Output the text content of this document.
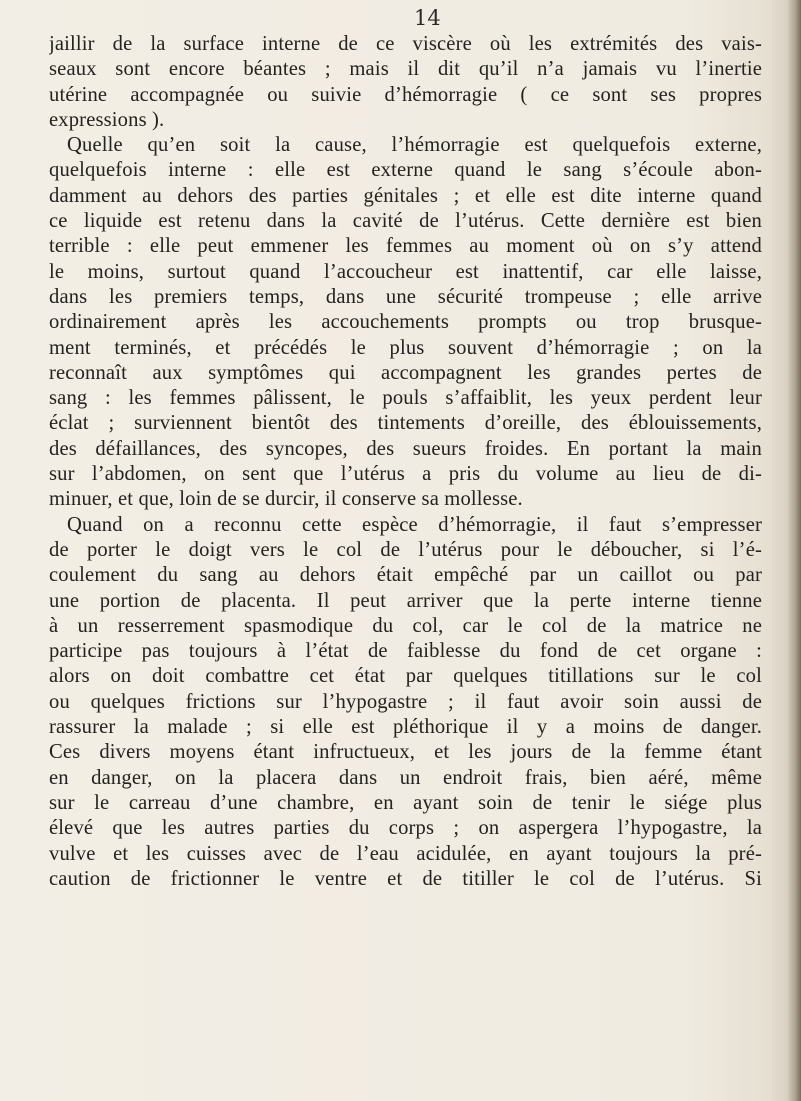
14

jaillir de la surface interne de ce viscère où les extrémités des vais-
seaux sont encore béantes ; mais il dit qu’il n’a jamais vu l’inertie
utérine accompagnée ou suivie d’hémorragie ( ce sont ses propres
expressions ).
Quelle qu’en soit la cause, l’hémorragie est quelquefois externe,
quelquefois interne : elle est externe quand le sang s’écoule abon-
damment au dehors des parties génitales ; et elle est dite interne quand
ce liquide est retenu dans la cavité de l’utérus. Cette dernière est bien
terrible : elle peut emmener les femmes au moment où on s’y attend
le moins, surtout quand l’accoucheur est inattentif, car elle laisse,
dans les premiers temps, dans une sécurité trompeuse ; elle arrive
ordinairement après les accouchements prompts ou trop brusque-
ment terminés, et précédés le plus souvent d’hémorragie ; on la
reconnaît aux symptômes qui accompagnent les grandes pertes de
sang : les femmes pâlissent, le pouls s’affaiblit, les yeux perdent leur
éclat ; surviennent bientôt des tintements d’oreille, des éblouissements,
des défaillances, des syncopes, des sueurs froides. En portant la main
sur l’abdomen, on sent que l’utérus a pris du volume au lieu de di-
minuer, et que, loin de se durcir, il conserve sa mollesse.
Quand on a reconnu cette espèce d’hémorragie, il faut s’empresser
de porter le doigt vers le col de l’utérus pour le déboucher, si l’é-
coulement du sang au dehors était empêché par un caillot ou par
une portion de placenta. Il peut arriver que la perte interne tienne
à un resserrement spasmodique du col, car le col de la matrice ne
participe pas toujours à l’état de faiblesse du fond de cet organe :
alors on doit combattre cet état par quelques titillations sur le col
ou quelques frictions sur l’hypogastre ; il faut avoir soin aussi de
rassurer la malade ; si elle est pléthorique il y a moins de danger.
Ces divers moyens étant infructueux, et les jours de la femme étant
en danger, on la placera dans un endroit frais, bien aéré, même
sur le carreau d’une chambre, en ayant soin de tenir le siége plus
élevé que les autres parties du corps ; on aspergera l’hypogastre, la
vulve et les cuisses avec de l’eau acidulée, en ayant toujours la pré-
caution de frictionner le ventre et de titiller le col de l’utérus. Si
